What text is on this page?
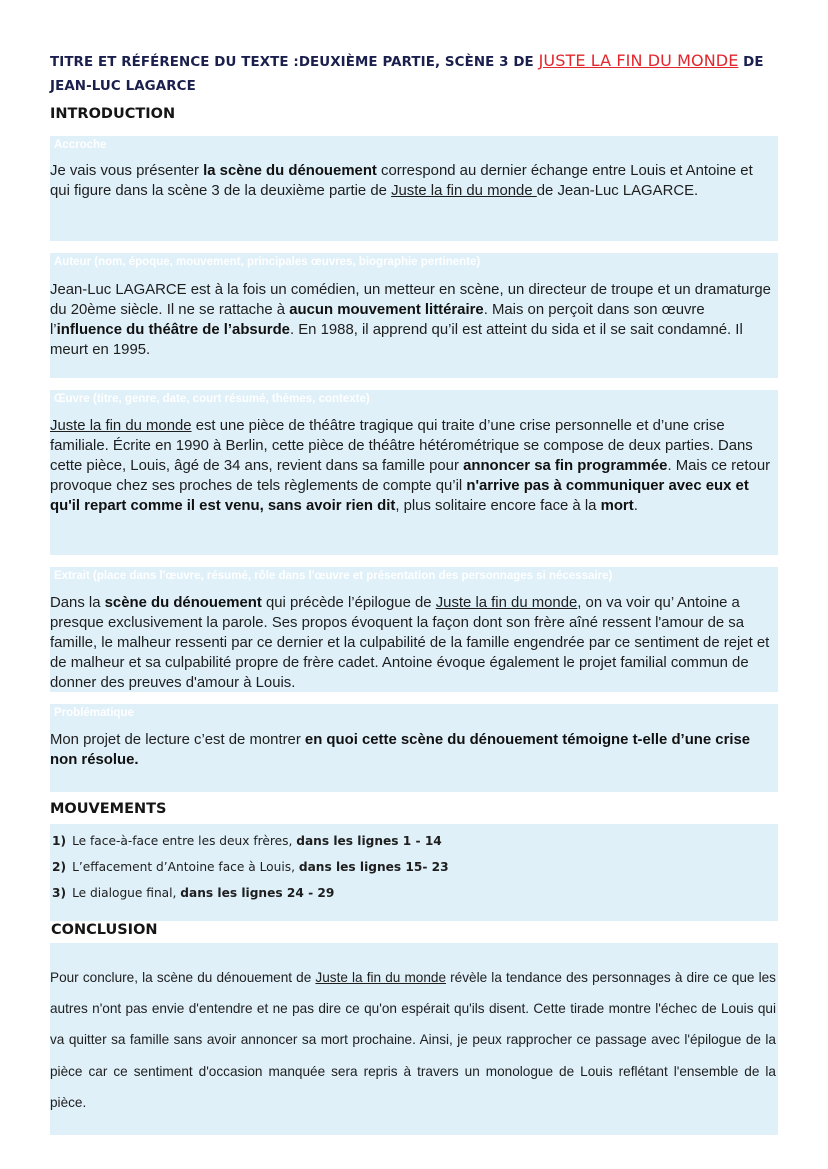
TITRE ET RÉFÉRENCE DU TEXTE :DEUXIÈME PARTIE, SCÈNE 3 DE JUSTE LA FIN DU MONDE DE
JEAN-LUC LAGARCE
INTRODUCTION
Accroche
Je vais vous présenter la scène du dénouement correspond au dernier échange entre Louis et Antoine et qui figure dans la scène 3 de la deuxième partie de Juste la fin du monde de Jean-Luc LAGARCE.
Auteur (nom, époque, mouvement, principales œuvres, biographie pertinente)
Jean-Luc LAGARCE est à la fois un comédien, un metteur en scène, un directeur de troupe et un dramaturge du 20ème siècle. Il ne se rattache à aucun mouvement littéraire. Mais on perçoit dans son œuvre l’influence du théâtre de l’absurde. En 1988, il apprend qu’il est atteint du sida et il se sait condamné. Il meurt en 1995.
Œuvre (titre, genre, date, court résumé, thèmes, contexte)
Juste la fin du monde est une pièce de théâtre tragique qui traite d’une crise personnelle et d’une crise familiale. Écrite en 1990 à Berlin, cette pièce de théâtre hétérométrique se compose de deux parties. Dans cette pièce, Louis, âgé de 34 ans, revient dans sa famille pour annoncer sa fin programmée. Mais ce retour provoque chez ses proches de tels règlements de compte qu’il n'arrive pas à communiquer avec eux et qu'il repart comme il est venu, sans avoir rien dit, plus solitaire encore face à la mort.
Extrait (place dans l'œuvre, résumé, rôle dans l'œuvre et présentation des personnages si nécessaire)
Dans la scène du dénouement qui précède l’épilogue de Juste la fin du monde, on va voir qu’ Antoine a presque exclusivement la parole. Ses propos évoquent la façon dont son frère aîné ressent l'amour de sa famille, le malheur ressenti par ce dernier et la culpabilité de la famille engendrée par ce sentiment de rejet et de malheur et sa culpabilité propre de frère cadet. Antoine évoque également le projet familial commun de donner des preuves d'amour à Louis.
Problématique
Mon projet de lecture c’est de montrer en quoi cette scène du dénouement témoigne t-elle d’une crise non résolue.
MOUVEMENTS
1) Le face-à-face entre les deux frères, dans les lignes 1 - 14
2) L’effacement d’Antoine face à Louis, dans les lignes 15- 23
3) Le dialogue final, dans les lignes 24 - 29
CONCLUSION
Pour conclure, la scène du dénouement de Juste la fin du monde révèle la tendance des personnages à dire ce que les autres n'ont pas envie d'entendre et ne pas dire ce qu'on espérait qu'ils disent. Cette tirade montre l'échec de Louis qui va quitter sa famille sans avoir annoncer sa mort prochaine. Ainsi, je peux rapprocher ce passage avec l'épilogue de la pièce car ce sentiment d'occasion manquée sera repris à travers un monologue de Louis reflétant l'ensemble de la pièce.
